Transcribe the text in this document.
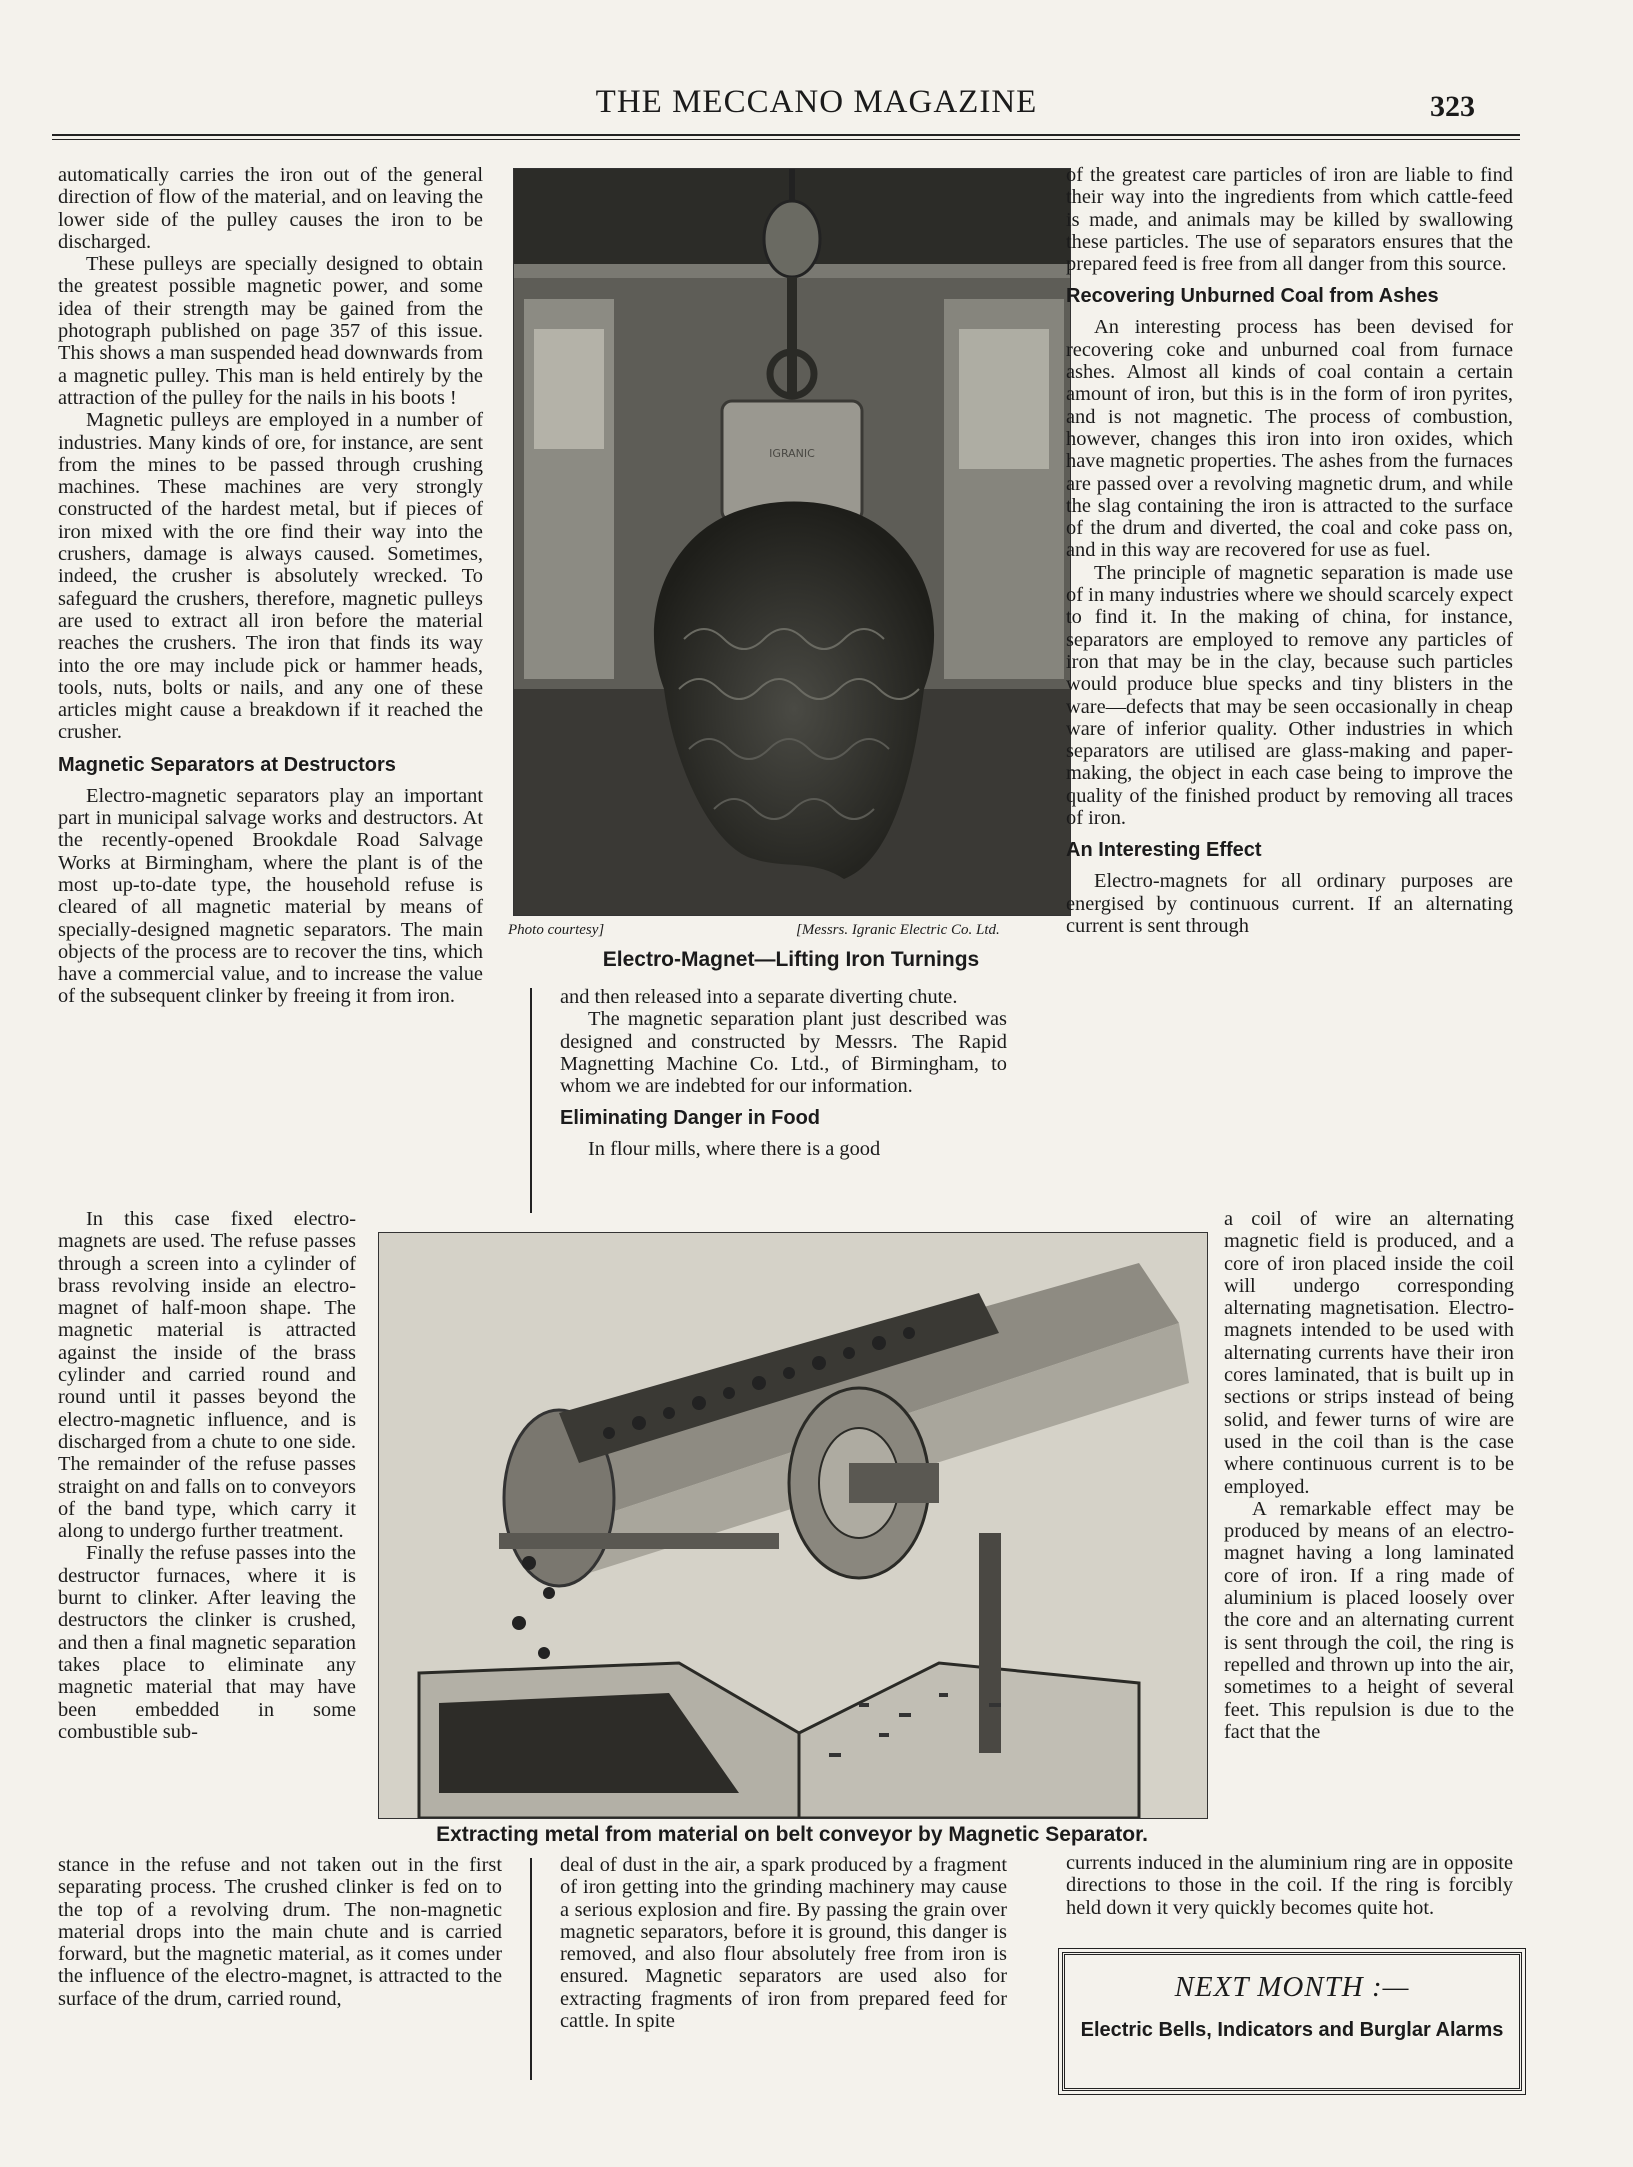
THE MECCANO MAGAZINE	323

automatically carries the iron out of the general direction of flow of the material, and on leaving the lower side of the pulley causes the iron to be discharged.

These pulleys are specially designed to obtain the greatest possible magnetic power, and some idea of their strength may be gained from the photograph published on page 357 of this issue. This shows a man suspended head downwards from a magnetic pulley. This man is held entirely by the attraction of the pulley for the nails in his boots !

Magnetic pulleys are employed in a number of industries. Many kinds of ore, for instance, are sent from the mines to be passed through crushing machines. These machines are very strongly constructed of the hardest metal, but if pieces of iron mixed with the ore find their way into the crushers, damage is always caused. Sometimes, indeed, the crusher is absolutely wrecked. To safeguard the crushers, therefore, magnetic pulleys are used to extract all iron before the material reaches the crushers. The iron that finds its way into the ore may include pick or hammer heads, tools, nuts, bolts or nails, and any one of these articles might cause a breakdown if it reached the crusher.

Magnetic Separators at Destructors

Electro-magnetic separators play an important part in municipal salvage works and destructors. At the recently-opened Brookdale Road Salvage Works at Birmingham, where the plant is of the most up-to-date type, the household refuse is cleared of all magnetic material by means of specially-designed magnetic separators. The main objects of the process are to recover the tins, which have a commercial value, and to increase the value of the subsequent clinker by freeing it from iron.

In this case fixed electro-magnets are used. The refuse passes through a screen into a cylinder of brass revolving inside an electro-magnet of half-moon shape. The magnetic material is attracted against the inside of the brass cylinder and carried round and round until it passes beyond the electro-magnetic influence, and is discharged from a chute to one side. The remainder of the refuse passes straight on and falls on to conveyors of the band type, which carry it along to undergo further treatment.

Finally the refuse passes into the destructor furnaces, where it is burnt to clinker. After leaving the destructors the clinker is crushed, and then a final magnetic separation takes place to eliminate any magnetic material that may have been embedded in some combustible sub-

stance in the refuse and not taken out in the first separating process. The crushed clinker is fed on to the top of a revolving drum. The non-magnetic material drops into the main chute and is carried forward, but the magnetic material, as it comes under the influence of the electro-magnet, is attracted to the surface of the drum, carried round,

IGRANIC
Photo courtesy]	[Messrs. Igranic Electric Co. Ltd.
Electro-Magnet—Lifting Iron Turnings

and then released into a separate diverting chute.

The magnetic separation plant just described was designed and constructed by Messrs. The Rapid Magnetting Machine Co. Ltd., of Birmingham, to whom we are indebted for our information.

Eliminating Danger in Food

In flour mills, where there is a good

Extracting metal from material on belt conveyor by Magnetic Separator.

deal of dust in the air, a spark produced by a fragment of iron getting into the grinding machinery may cause a serious explosion and fire. By passing the grain over magnetic separators, before it is ground, this danger is removed, and also flour absolutely free from iron is ensured. Magnetic separators are used also for extracting fragments of iron from prepared feed for cattle. In spite

of the greatest care particles of iron are liable to find their way into the ingredients from which cattle-feed is made, and animals may be killed by swallowing these particles. The use of separators ensures that the prepared feed is free from all danger from this source.

Recovering Unburned Coal from Ashes

An interesting process has been devised for recovering coke and unburned coal from furnace ashes. Almost all kinds of coal contain a certain amount of iron, but this is in the form of iron pyrites, and is not magnetic. The process of combustion, however, changes this iron into iron oxides, which have magnetic properties. The ashes from the furnaces are passed over a revolving magnetic drum, and while the slag containing the iron is attracted to the surface of the drum and diverted, the coal and coke pass on, and in this way are recovered for use as fuel.

The principle of magnetic separation is made use of in many industries where we should scarcely expect to find it. In the making of china, for instance, separators are employed to remove any particles of iron that may be in the clay, because such particles would produce blue specks and tiny blisters in the ware—defects that may be seen occasionally in cheap ware of inferior quality. Other industries in which separators are utilised are glass-making and paper-making, the object in each case being to improve the quality of the finished product by removing all traces of iron.

An Interesting Effect

Electro-magnets for all ordinary purposes are energised by continuous current. If an alternating current is sent through

a coil of wire an alternating magnetic field is produced, and a core of iron placed inside the coil will undergo corresponding alternating magnetisation. Electro-magnets intended to be used with alternating currents have their iron cores laminated, that is built up in sections or strips instead of being solid, and fewer turns of wire are used in the coil than is the case where continuous current is to be employed.

A remarkable effect may be produced by means of an electro-magnet having a long laminated core of iron. If a ring made of aluminium is placed loosely over the core and an alternating current is sent through the coil, the ring is repelled and thrown up into the air, sometimes to a height of several feet. This repulsion is due to the fact that the

currents induced in the aluminium ring are in opposite directions to those in the coil. If the ring is forcibly held down it very quickly becomes quite hot.

NEXT MONTH :—
Electric Bells, Indicators and Burglar Alarms
